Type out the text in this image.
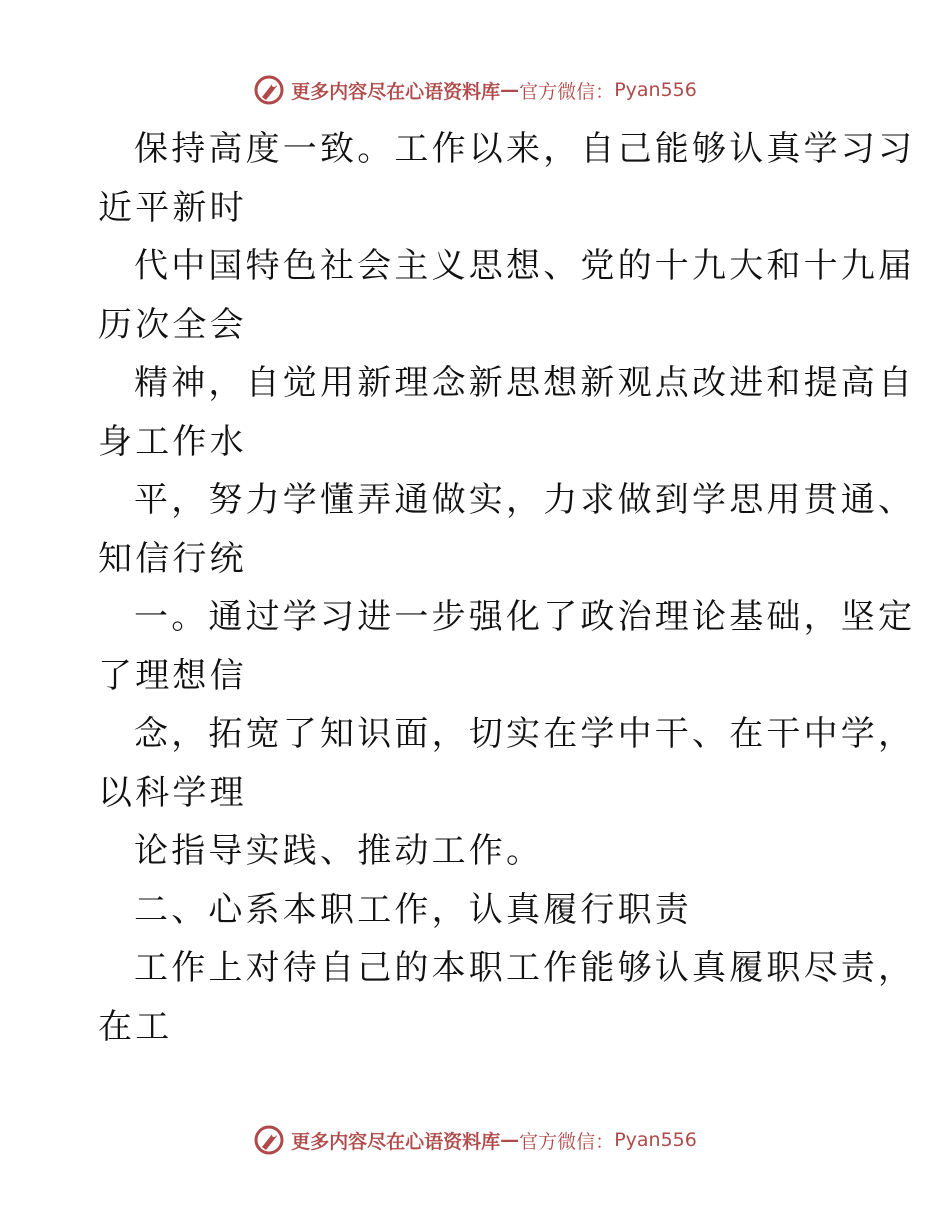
更多内容尽在心语资料库 — 官方微信： Pyan556
保持高度一致。工作以来，自己能够认真学习习
近平新时
代中国特色社会主义思想、党的十九大和十九届
历次全会
精神，自觉用新理念新思想新观点改进和提高自
身工作水
平，努力学懂弄通做实，力求做到学思用贯通、
知信行统
一。通过学习进一步强化了政治理论基础，坚定
了理想信
念，拓宽了知识面，切实在学中干、在干中学，
以科学理
论指导实践、推动工作。
二、心系本职工作，认真履行职责
工作上对待自己的本职工作能够认真履职尽责，
在工
更多内容尽在心语资料库 — 官方微信： Pyan556
